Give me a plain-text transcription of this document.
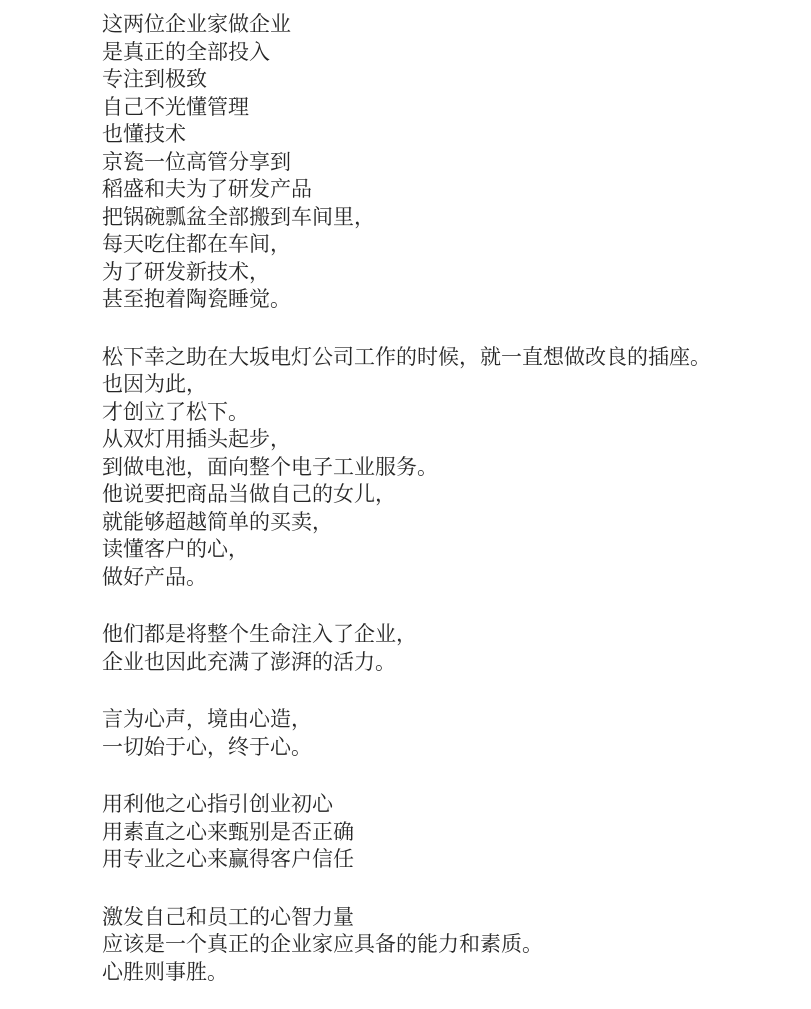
这两位企业家做企业
是真正的全部投入
专注到极致
自己不光懂管理
也懂技术
京瓷一位高管分享到
稻盛和夫为了研发产品
把锅碗瓢盆全部搬到车间里，
每天吃住都在车间，
为了研发新技术，
甚至抱着陶瓷睡觉。
松下幸之助在大坂电灯公司工作的时候，就一直想做改良的插座。
也因为此，
才创立了松下。
从双灯用插头起步，
到做电池，面向整个电子工业服务。
他说要把商品当做自己的女儿，
就能够超越简单的买卖，
读懂客户的心，
做好产品。
他们都是将整个生命注入了企业，
企业也因此充满了澎湃的活力。
言为心声，境由心造，
一切始于心，终于心。
用利他之心指引创业初心
用素直之心来甄别是否正确
用专业之心来赢得客户信任
激发自己和员工的心智力量
应该是一个真正的企业家应具备的能力和素质。
心胜则事胜。
